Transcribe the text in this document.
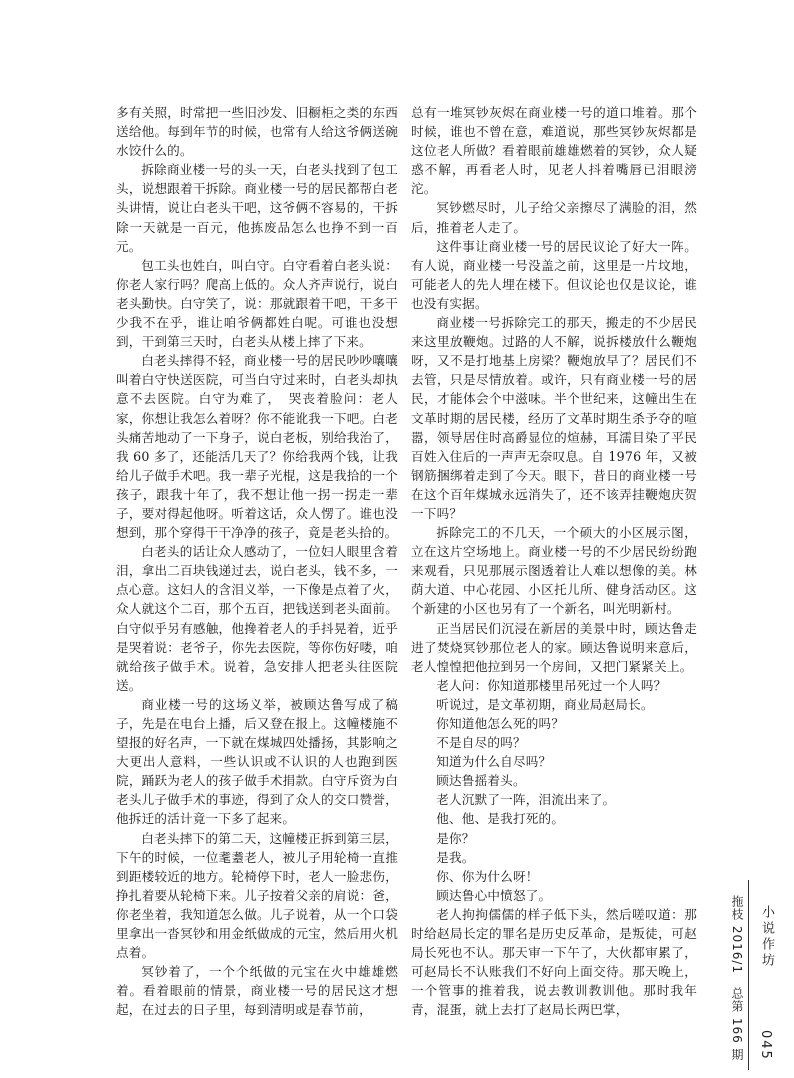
多有关照，时常把一些旧沙发、旧橱柜之类的东西送给他。每到年节的时候，也常有人给这爷俩送碗水饺什么的。

拆除商业楼一号的头一天，白老头找到了包工头，说想跟着干拆除。商业楼一号的居民都帮白老头讲情，说让白老头干吧，这爷俩不容易的，干拆除一天就是一百元，他拣废品怎么也挣不到一百元。

包工头也姓白，叫白守。白守看着白老头说：你老人家行吗？爬高上低的。众人齐声说行，说白老头勤快。白守笑了，说：那就跟着干吧，干多干少我不在乎，谁让咱爷俩都姓白呢。可谁也没想到，干到第三天时，白老头从楼上摔了下来。

白老头摔得不轻，商业楼一号的居民吵吵嚷嚷叫着白守快送医院，可当白守过来时，白老头却执意不去医院。白守为难了，　哭丧着脸问：老人家，你想让我怎么着呀？你不能讹我一下吧。白老头痛苦地动了一下身子，说白老板，别给我治了，我 60 多了，还能活几天了？你给我两个钱，让我给儿子做手术吧。我一辈子光棍，这是我拾的一个孩子，跟我十年了，我不想让他一拐一拐走一辈子，要对得起他呀。听着这话，众人愣了。谁也没想到，那个穿得干干净净的孩子，竟是老头拾的。

白老头的话让众人感动了，一位妇人眼里含着泪，拿出二百块钱递过去，说白老头，钱不多，一点心意。这妇人的含泪义举，一下像是点着了火，众人就这个二百，那个五百，把钱送到老头面前。白守似乎另有感触，他搀着老人的手抖晃着，近乎是哭着说：老爷子，你先去医院，等你伤好喽，咱就给孩子做手术。说着，急安排人把老头往医院送。

商业楼一号的这场义举，被顾达鲁写成了稿子，先是在电台上播，后又登在报上。这幢楼施不望报的好名声，一下就在煤城四处播扬，其影响之大更出人意料，一些认识或不认识的人也跑到医院，踊跃为老人的孩子做手术捐款。白守斥资为白老头儿子做手术的事迹，得到了众人的交口赞誉，他拆迁的活计竟一下多了起来。

白老头摔下的第二天，这幢楼正拆到第三层，下午的时候，一位耄耋老人，被儿子用轮椅一直推到距楼较近的地方。轮椅停下时，老人一脸悲伤，挣扎着要从轮椅下来。儿子按着父亲的肩说：爸，你老坐着，我知道怎么做。儿子说着，从一个口袋里拿出一沓冥钞和用金纸做成的元宝，然后用火机点着。

冥钞着了，一个个纸做的元宝在火中雄雄燃着。看着眼前的情景，商业楼一号的居民这才想起，在过去的日子里，每到清明或是春节前，

总有一堆冥钞灰烬在商业楼一号的道口堆着。那个时候，谁也不曾在意，难道说，那些冥钞灰烬都是这位老人所做？看着眼前雄雄燃着的冥钞，众人疑惑不解，再看老人时，见老人抖着嘴唇已泪眼滂沱。

冥钞燃尽时，儿子给父亲擦尽了满脸的泪，然后，推着老人走了。

这件事让商业楼一号的居民议论了好大一阵。有人说，商业楼一号没盖之前，这里是一片坟地，可能老人的先人埋在楼下。但议论也仅是议论，谁也没有实据。

商业楼一号拆除完工的那天，搬走的不少居民来这里放鞭炮。过路的人不解，说拆楼放什么鞭炮呀，又不是打地基上房梁？鞭炮放早了？居民们不去管，只是尽情放着。或许，只有商业楼一号的居民，才能体会个中滋味。半个世纪来，这幢出生在文革时期的居民楼，经历了文革时期生杀予夺的喧嚣，领导居住时高爵显位的煊赫，耳濡目染了平民百姓入住后的一声声无奈叹息。自 1976 年，又被钢筋捆绑着走到了今天。眼下，昔日的商业楼一号在这个百年煤城永远消失了，还不该弄挂鞭炮庆贺一下吗？

拆除完工的不几天，一个硕大的小区展示图，立在这片空场地上。商业楼一号的不少居民纷纷跑来观看，只见那展示图透着让人难以想像的美。林荫大道、中心花园、小区托儿所、健身活动区。这个新建的小区也另有了一个新名，叫光明新村。

正当居民们沉浸在新居的美景中时，顾达鲁走进了焚烧冥钞那位老人的家。顾达鲁说明来意后，老人惶惶把他拉到另一个房间，又把门紧紧关上。

老人问：你知道那楼里吊死过一个人吗？

听说过，是文革初期，商业局赵局长。

你知道他怎么死的吗？

不是自尽的吗？

知道为什么自尽吗？

顾达鲁摇着头。

老人沉默了一阵，泪流出来了。

他、他、是我打死的。

是你？

是我。

你、你为什么呀！

顾达鲁心中愤怒了。

老人拘拘儒儒的样子低下头，然后嗟叹道：那时给赵局长定的罪名是历史反革命，是叛徒，可赵局长死也不认。那天审一下午了，大伙都审累了，可赵局长不认账我们不好向上面交待。那天晚上，一个管事的推着我，说去教训教训他。那时我年青，混蛋，就上去打了赵局长两巴掌，	拖枝 2016/1　总第 166 期 小说作坊
045
